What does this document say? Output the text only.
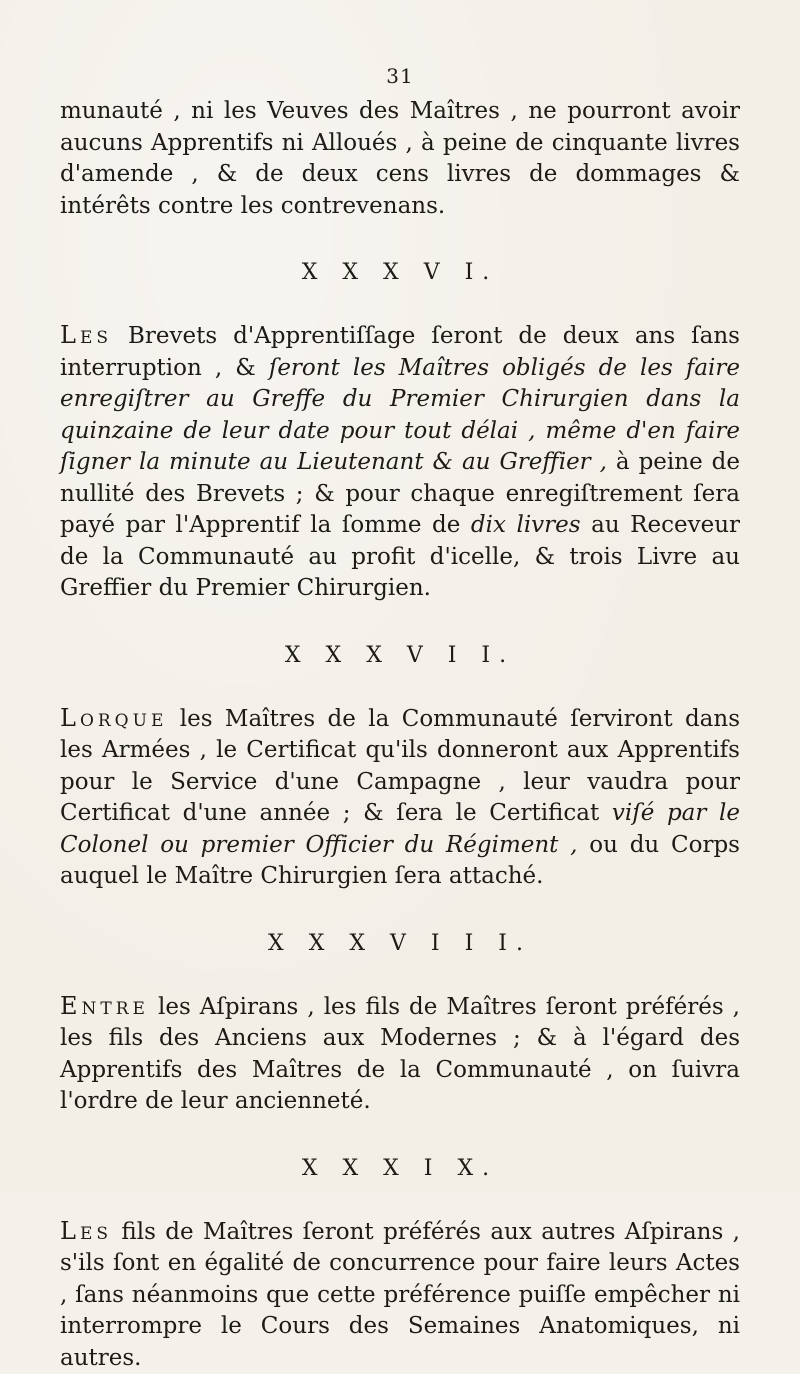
31

munauté , ni les Veuves des Maîtres , ne pourront avoir aucuns Apprentifs ni Alloués , à peine de cinquante livres d'amende , & de deux cens livres de dommages & intérêts contre les contrevenans.

X X X V I.

Les Brevets d'Apprentiſſage ſeront de deux ans ſans interruption , & ſeront les Maîtres obligés de les faire enregiſtrer au Greffe du Premier Chirurgien dans la quinzaine de leur date pour tout délai , même d'en faire ſigner la minute au Lieutenant & au Greffier , à peine de nullité des Brevets ; & pour chaque enregiſtrement ſera payé par l'Apprentif la ſomme de dix livres au Receveur de la Communauté au profit d'icelle, & trois Livre au Greffier du Premier Chirurgien.

X X X V I I.

Lorque les Maîtres de la Communauté ſerviront dans les Armées , le Certificat qu'ils donneront aux Apprentifs pour le Service d'une Campagne , leur vaudra pour Certificat d'une année ; & ſera le Certificat viſé par le Colonel ou premier Officier du Régiment , ou du Corps auquel le Maître Chirurgien ſera attaché.

X X X V I I I.

Entre les Aſpirans , les fils de Maîtres ſeront préférés , les fils des Anciens aux Modernes ; & à l'égard des Apprentifs des Maîtres de la Communauté , on ſuivra l'ordre de leur ancienneté.

X X X I X.

Les fils de Maîtres ſeront préférés aux autres Aſpirans , s'ils ſont en égalité de concurrence pour faire leurs Actes , ſans néanmoins que cette préférence puiſſe empêcher ni interrompre le Cours des Semaines Anatomiques, ni autres.
